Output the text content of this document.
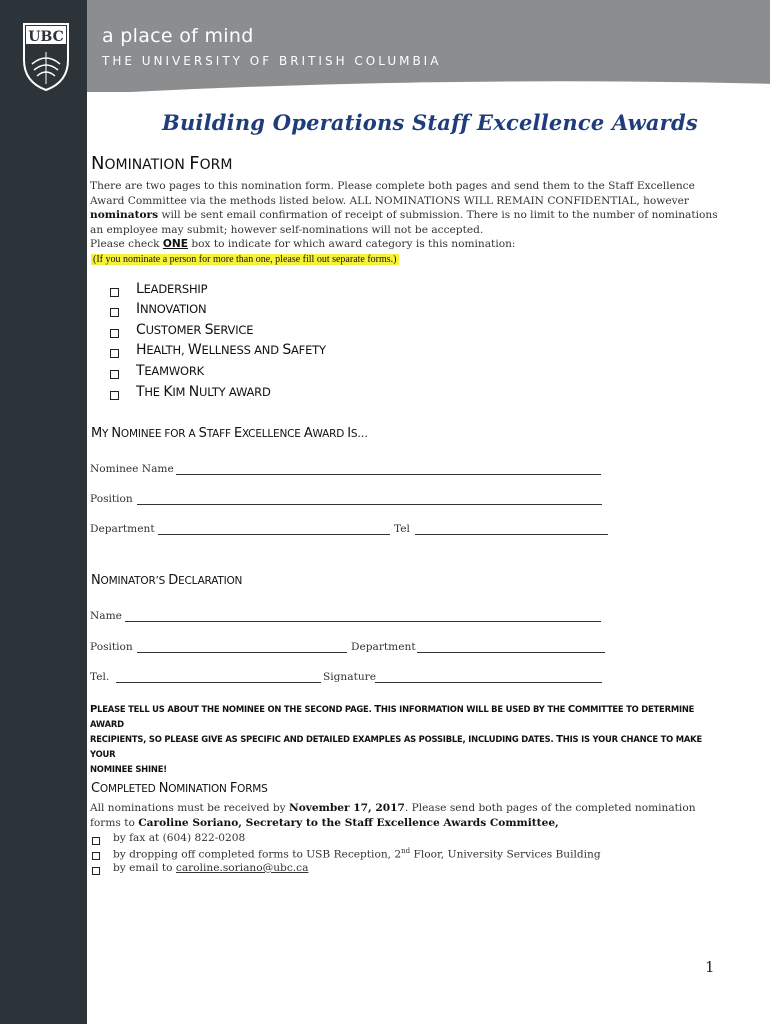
UBC a place of mind
THE UNIVERSITY OF BRITISH COLUMBIA
Building Operations Staff Excellence Awards
NOMINATION FORM
There are two pages to this nomination form. Please complete both pages and send them to the Staff Excellence
Award Committee via the methods listed below. ALL NOMINATIONS WILL REMAIN CONFIDENTIAL, however
nominators will be sent email confirmation of receipt of submission. There is no limit to the number of nominations
an employee may submit; however self-nominations will not be accepted.
Please check ONE box to indicate for which award category is this nomination:
(If you nominate a person for more than one, please fill out separate forms.)
LEADERSHIP
INNOVATION
CUSTOMER SERVICE
HEALTH, WELLNESS AND SAFETY
TEAMWORK
THE KIM NULTY AWARD
MY NOMINEE FOR A STAFF EXCELLENCE AWARD IS…
Nominee Name
Position
Department	Tel
NOMINATOR’S DECLARATION
Name
Position	Department
Tel.	Signature
PLEASE TELL US ABOUT THE NOMINEE ON THE SECOND PAGE. THIS INFORMATION WILL BE USED BY THE COMMITTEE TO DETERMINE AWARD
RECIPIENTS, SO PLEASE GIVE AS SPECIFIC AND DETAILED EXAMPLES AS POSSIBLE, INCLUDING DATES. THIS IS YOUR CHANCE TO MAKE YOUR
NOMINEE SHINE!
COMPLETED NOMINATION FORMS
All nominations must be received by November 17, 2017. Please send both pages of the completed nomination
forms to Caroline Soriano, Secretary to the Staff Excellence Awards Committee,
by fax at (604) 822-0208
by dropping off completed forms to USB Reception, 2nd Floor, University Services Building
by email to caroline.soriano@ubc.ca
1
